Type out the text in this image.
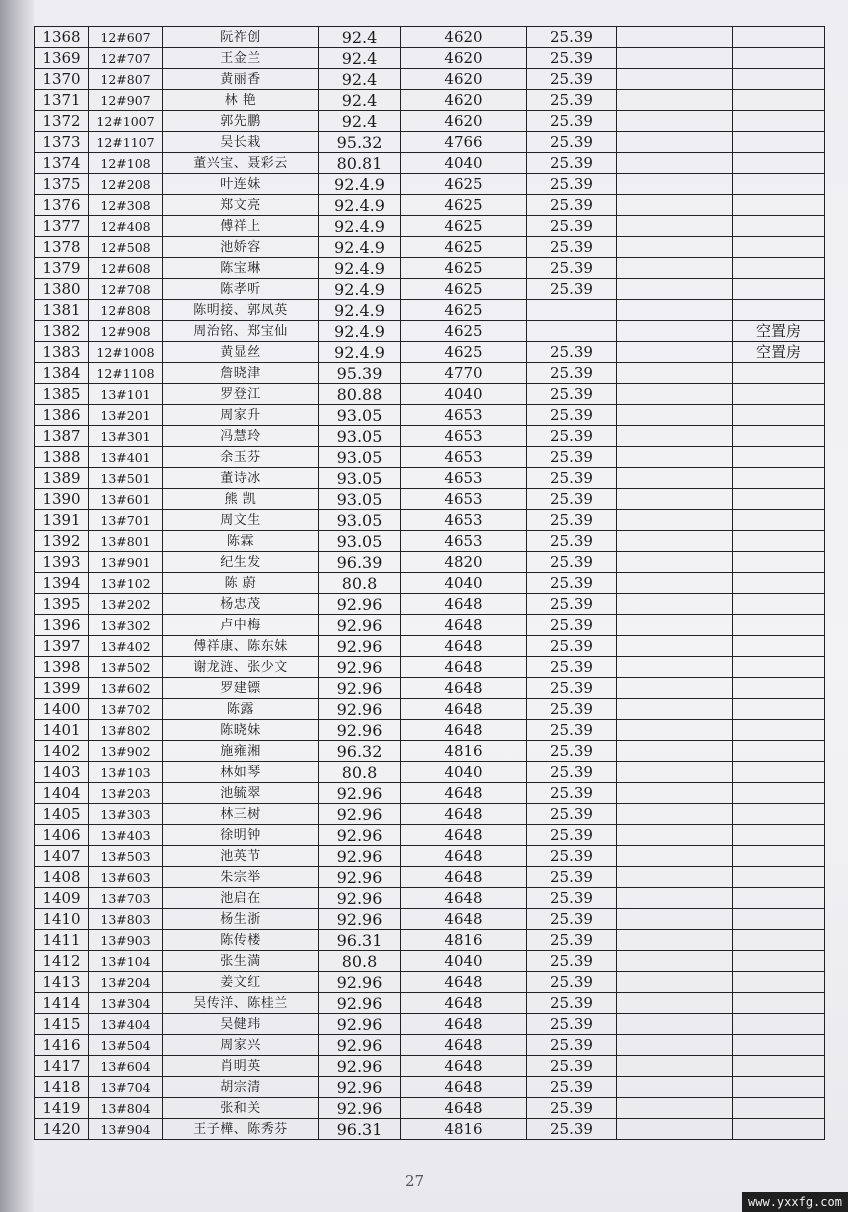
1368	12#607	阮祚创	92.4	4620	25.39		
1369	12#707	王金兰	92.4	4620	25.39		
1370	12#807	黄丽香	92.4	4620	25.39		
1371	12#907	林 艳	92.4	4620	25.39		
1372	12#1007	郭先鹏	92.4	4620	25.39		
1373	12#1107	吴长栽	95.32	4766	25.39		
1374	12#108	董兴宝、聂彩云	80.81	4040	25.39		
1375	12#208	叶连妹	92.4.9	4625	25.39		
1376	12#308	郑文亮	92.4.9	4625	25.39		
1377	12#408	傅祥上	92.4.9	4625	25.39		
1378	12#508	池娇容	92.4.9	4625	25.39		
1379	12#608	陈宝琳	92.4.9	4625	25.39		
1380	12#708	陈孝听	92.4.9	4625	25.39		
1381	12#808	陈明接、郭凤英	92.4.9	4625			
1382	12#908	周治铭、郑宝仙	92.4.9	4625			空置房
1383	12#1008	黄显丝	92.4.9	4625	25.39		空置房
1384	12#1108	詹晓津	95.39	4770	25.39		
1385	13#101	罗登江	80.88	4040	25.39		
1386	13#201	周家升	93.05	4653	25.39		
1387	13#301	冯慧玲	93.05	4653	25.39		
1388	13#401	余玉芬	93.05	4653	25.39		
1389	13#501	董诗冰	93.05	4653	25.39		
1390	13#601	熊 凯	93.05	4653	25.39		
1391	13#701	周文生	93.05	4653	25.39		
1392	13#801	陈霖	93.05	4653	25.39		
1393	13#901	纪生发	96.39	4820	25.39		
1394	13#102	陈 蔚	80.8	4040	25.39		
1395	13#202	杨忠茂	92.96	4648	25.39		
1396	13#302	卢中梅	92.96	4648	25.39		
1397	13#402	傅祥康、陈东妹	92.96	4648	25.39		
1398	13#502	谢龙涟、张少文	92.96	4648	25.39		
1399	13#602	罗建镖	92.96	4648	25.39		
1400	13#702	陈露	92.96	4648	25.39		
1401	13#802	陈晓妹	92.96	4648	25.39		
1402	13#902	施雍湘	96.32	4816	25.39		
1403	13#103	林如琴	80.8	4040	25.39		
1404	13#203	池毓翠	92.96	4648	25.39		
1405	13#303	林三树	92.96	4648	25.39		
1406	13#403	徐明钟	92.96	4648	25.39		
1407	13#503	池英节	92.96	4648	25.39		
1408	13#603	朱宗举	92.96	4648	25.39		
1409	13#703	池启在	92.96	4648	25.39		
1410	13#803	杨生浙	92.96	4648	25.39		
1411	13#903	陈传楼	96.31	4816	25.39		
1412	13#104	张生満	80.8	4040	25.39		
1413	13#204	姜文红	92.96	4648	25.39		
1414	13#304	吴传洋、陈桂兰	92.96	4648	25.39		
1415	13#404	吴健玮	92.96	4648	25.39		
1416	13#504	周家兴	92.96	4648	25.39		
1417	13#604	肖明英	92.96	4648	25.39		
1418	13#704	胡宗清	92.96	4648	25.39		
1419	13#804	张和关	92.96	4648	25.39		
1420	13#904	王子樺、陈秀芬	96.31	4816	25.39		
27
www.yxxfg.com
